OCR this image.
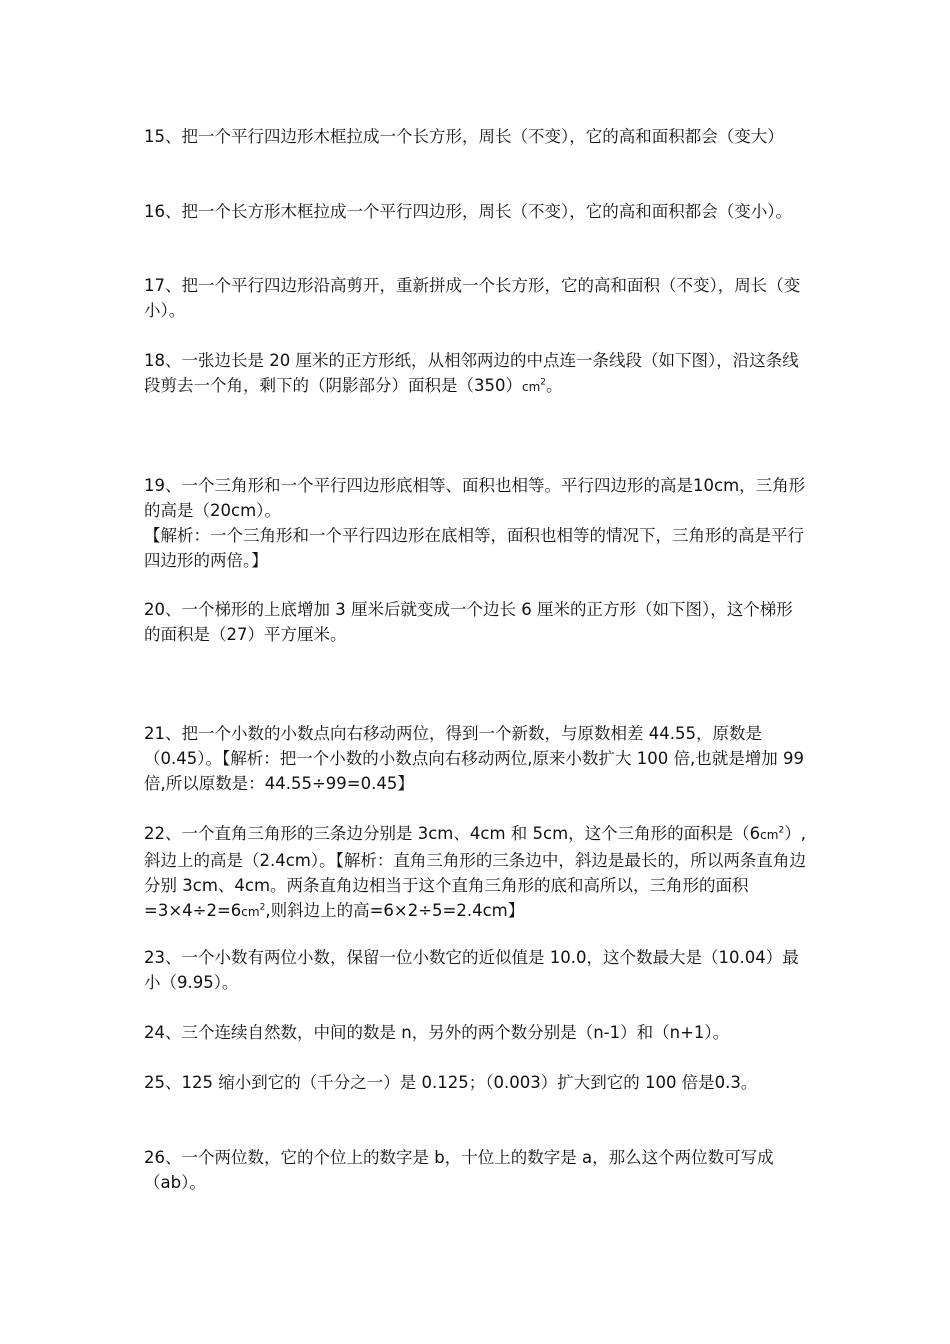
15、把一个平行四边形木框拉成一个长方形，周长（不变），它的高和面积都会（变大）

16、把一个长方形木框拉成一个平行四边形，周长（不变），它的高和面积都会（变小）。

17、把一个平行四边形沿高剪开，重新拼成一个长方形，它的高和面积（不变），周长（变小）。

18、一张边长是 20 厘米的正方形纸，从相邻两边的中点连一条线段（如下图），沿这条线段剪去一个角，剩下的（阴影部分）面积是$(350)cm^2$。

19、一个三角形和一个平行四边形底相等、面积也相等。平行四边形的高是10cm，三角形的高是（20cm）。
【解析：一个三角形和一个平行四边形在底相等，面积也相等的情况下，三角形的高是平行四边形的两倍。】

20、一个梯形的上底增加 3 厘米后就变成一个边长 6 厘米的正方形（如下图），这个梯形的面积是（27）平方厘米。

21、把一个小数的小数点向右移动两位，得到一个新数，与原数相差 44.55，原数是（0.45）。【解析：把一个小数的小数点向右移动两位,原来小数扩大 100 倍,也就是增加 99 倍,所以原数是：44.55÷99=0.45】

22、一个直角三角形的三条边分别是 3cm、4cm 和 5cm，这个三角形的面积是$(6cm^2)$,斜边上的高是（2.4cm）。【解析：直角三角形的三条边中，斜边是最长的，所以两条直角边分别 3cm、4cm。两条直角边相当于这个直角三角形的底和高所以，三角形的面积$=3\times 4\div 2=6cm^2$,则斜边上的高=6×2÷5=2.4cm】

23、一个小数有两位小数，保留一位小数它的近似值是 10.0，这个数最大是（10.04）最小（9.95）。

24、三个连续自然数，中间的数是 n，另外的两个数分别是（n-1）和（n+1）。

25、125 缩小到它的（千分之一）是 0.125；（0.003）扩大到它的 100 倍是0.3。

26、一个两位数，它的个位上的数字是 b，十位上的数字是 a，那么这个两位数可写成（ab）。
